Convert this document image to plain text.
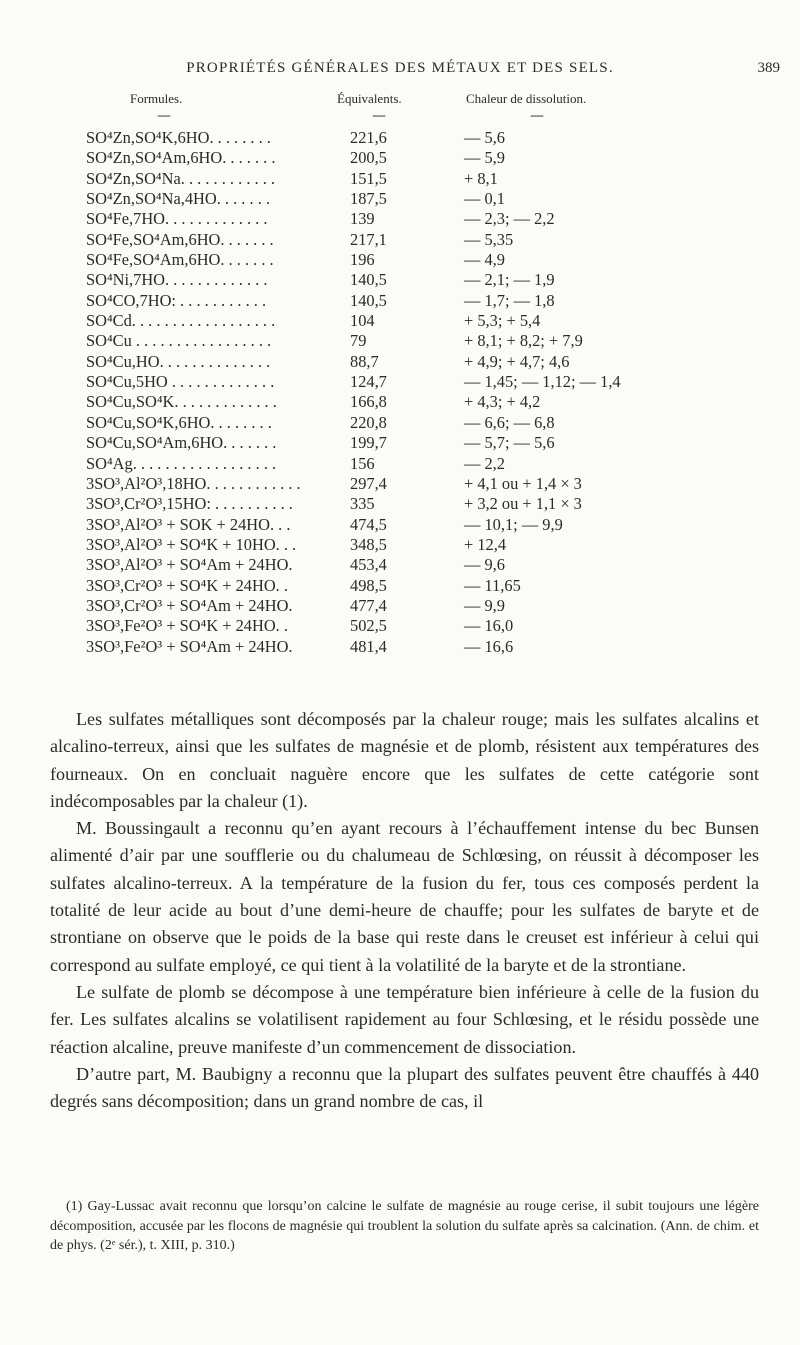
PROPRIÉTÉS GÉNÉRALES DES MÉTAUX ET DES SELS.	389
Formules.	Équivalents.	Chaleur de dissolution.
—	—	—
SO⁴Zn,SO⁴K,6HO. . . . . . . .	221,6	— 5,6
SO⁴Zn,SO⁴Am,6HO. . . . . . .	200,5	— 5,9
SO⁴Zn,SO⁴Na. . . . . . . . . . . .	151,5	+ 8,1
SO⁴Zn,SO⁴Na,4HO. . . . . . .	187,5	— 0,1
SO⁴Fe,7HO. . . . . . . . . . . . .	139	— 2,3; — 2,2
SO⁴Fe,SO⁴Am,6HO. . . . . . .	217,1	— 5,35
SO⁴Fe,SO⁴Am,6HO. . . . . . .	196	— 4,9
SO⁴Ni,7HO. . . . . . . . . . . . .	140,5	— 2,1; — 1,9
SO⁴CO,7HO: . . . . . . . . . . .	140,5	— 1,7; — 1,8
SO⁴Cd. . . . . . . . . . . . . . . . . .	104	+ 5,3; + 5,4
SO⁴Cu . . . . . . . . . . . . . . . . .	79	+ 8,1; + 8,2; + 7,9
SO⁴Cu,HO. . . . . . . . . . . . . .	88,7	+ 4,9; + 4,7; 4,6
SO⁴Cu,5HO . . . . . . . . . . . . .	124,7	— 1,45; — 1,12; — 1,4
SO⁴Cu,SO⁴K. . . . . . . . . . . . .	166,8	+ 4,3; + 4,2
SO⁴Cu,SO⁴K,6HO. . . . . . . .	220,8	— 6,6; — 6,8
SO⁴Cu,SO⁴Am,6HO. . . . . . .	199,7	— 5,7; — 5,6
SO⁴Ag. . . . . . . . . . . . . . . . . .	156	— 2,2
3SO³,Al²O³,18HO. . . . . . . . . . . .	297,4	+ 4,1 ou + 1,4 × 3
3SO³,Cr²O³,15HO: . . . . . . . . . .	335	+ 3,2 ou + 1,1 × 3
3SO³,Al²O³ + SOK + 24HO. . .	474,5	— 10,1; — 9,9
3SO³,Al²O³ + SO⁴K + 10HO. . .	348,5	+ 12,4
3SO³,Al²O³ + SO⁴Am + 24HO.	453,4	— 9,6
3SO³,Cr²O³ + SO⁴K + 24HO. .	498,5	— 11,65
3SO³,Cr²O³ + SO⁴Am + 24HO.	477,4	— 9,9
3SO³,Fe²O³ + SO⁴K + 24HO. .	502,5	— 16,0
3SO³,Fe²O³ + SO⁴Am + 24HO.	481,4	— 16,6

Les sulfates métalliques sont décomposés par la chaleur rouge; mais les sulfates alcalins et alcalino-terreux, ainsi que les sulfates de magnésie et de plomb, résistent aux températures des fourneaux. On en concluait naguère encore que les sulfates de cette catégorie sont indécomposables par la chaleur (1).

M. Boussingault a reconnu qu’en ayant recours à l’échauffement intense du bec Bunsen alimenté d’air par une soufflerie ou du chalumeau de Schlœsing, on réussit à décomposer les sulfates alcalino-terreux. A la température de la fusion du fer, tous ces composés perdent la totalité de leur acide au bout d’une demi-heure de chauffe; pour les sulfates de baryte et de strontiane on observe que le poids de la base qui reste dans le creuset est inférieur à celui qui correspond au sulfate employé, ce qui tient à la volatilité de la baryte et de la strontiane.

Le sulfate de plomb se décompose à une température bien inférieure à celle de la fusion du fer. Les sulfates alcalins se volatilisent rapidement au four Schlœsing, et le résidu possède une réaction alcaline, preuve manifeste d’un commencement de dissociation.

D’autre part, M. Baubigny a reconnu que la plupart des sulfates peuvent être chauffés à 440 degrés sans décomposition; dans un grand nombre de cas, il

(1) Gay-Lussac avait reconnu que lorsqu’on calcine le sulfate de magnésie au rouge cerise, il subit toujours une légère décomposition, accusée par les flocons de magnésie qui troublent la solution du sulfate après sa calcination. (Ann. de chim. et de phys. (2ᵉ sér.), t. XIII, p. 310.)
